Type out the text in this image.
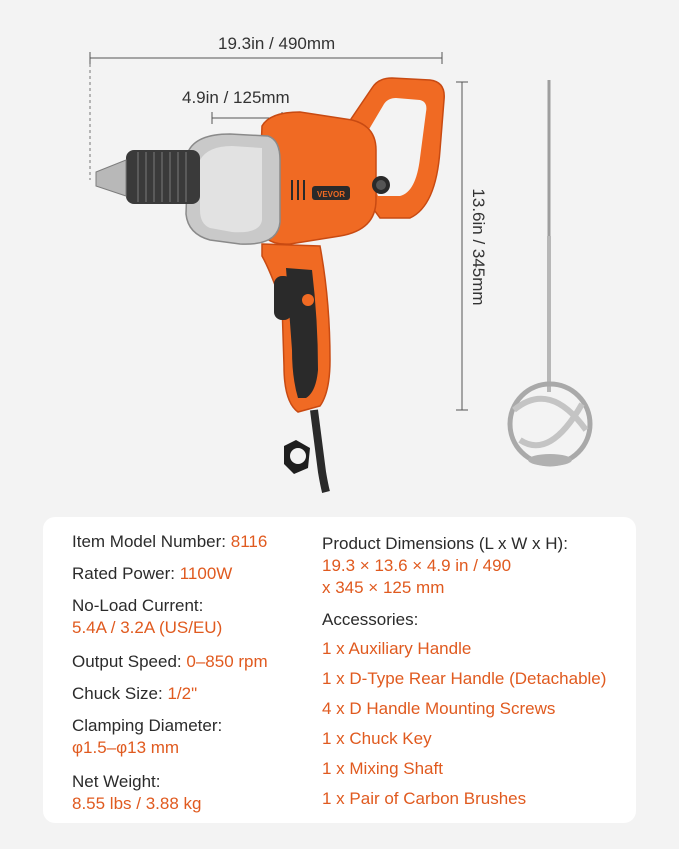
VEVOR
19.3in / 490mm
4.9in / 125mm
13.6in / 345mm
Item Model Number: 8116
Rated Power: 1100W
No-Load Current:
5.4A / 3.2A (US/EU)
Output Speed: 0–850 rpm
Chuck Size: 1/2"
Clamping Diameter:
φ1.5–φ13 mm
Net Weight:
8.55 lbs / 3.88 kg
Product Dimensions (L x W x H):
19.3 × 13.6 × 4.9 in / 490
x 345 × 125 mm
Accessories:
1 x Auxiliary Handle
1 x D-Type Rear Handle (Detachable)
4 x D Handle Mounting Screws
1 x Chuck Key
1 x Mixing Shaft
1 x Pair of Carbon Brushes
